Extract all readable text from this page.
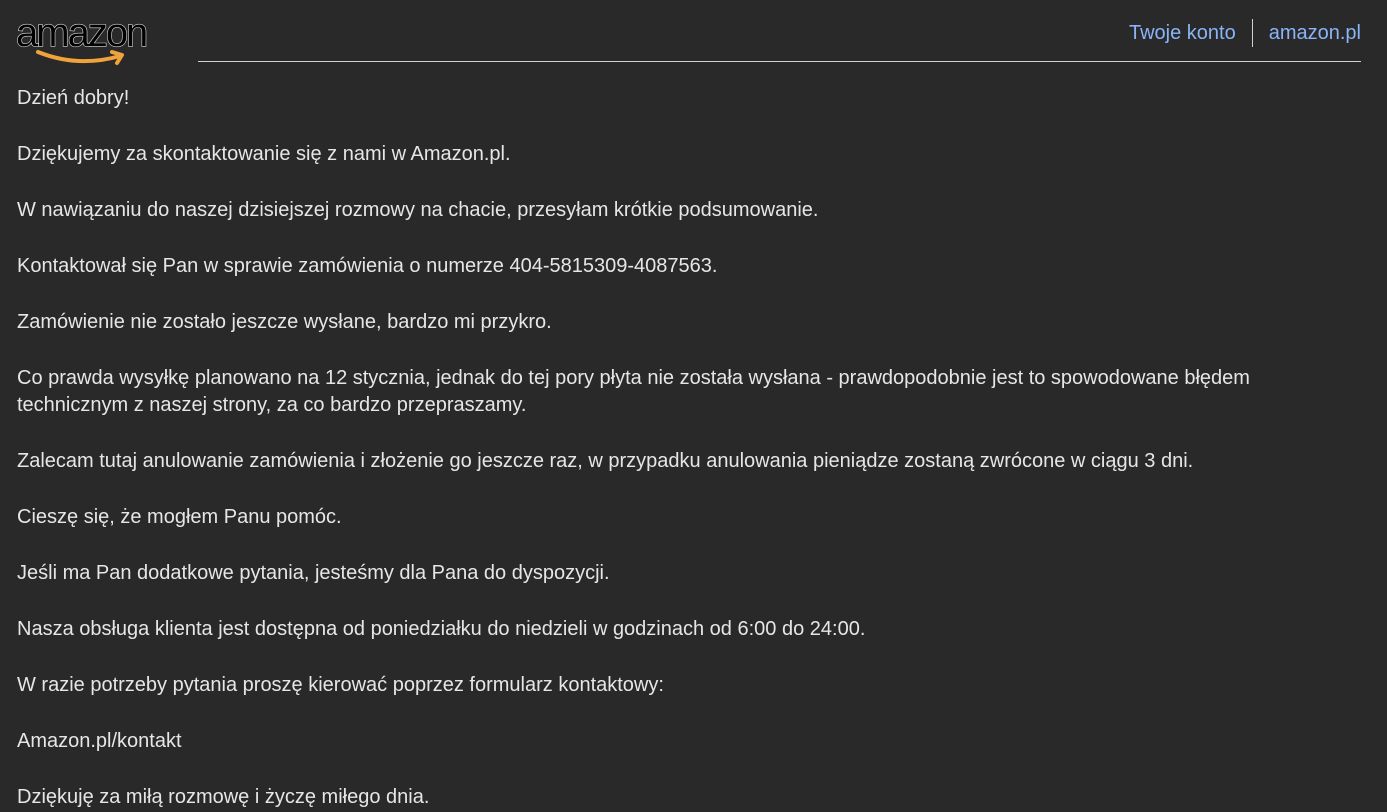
amazon	Twoje konto amazon.pl

Dzień dobry!

Dziękujemy za skontaktowanie się z nami w Amazon.pl.

W nawiązaniu do naszej dzisiejszej rozmowy na chacie, przesyłam krótkie podsumowanie.

Kontaktował się Pan w sprawie zamówienia o numerze 404-5815309-4087563.

Zamówienie nie zostało jeszcze wysłane, bardzo mi przykro.

Co prawda wysyłkę planowano na 12 stycznia, jednak do tej pory płyta nie została wysłana - prawdopodobnie jest to spowodowane błędem technicznym z naszej strony, za co bardzo przepraszamy.

Zalecam tutaj anulowanie zamówienia i złożenie go jeszcze raz, w przypadku anulowania pieniądze zostaną zwrócone w ciągu 3 dni.

Cieszę się, że mogłem Panu pomóc.

Jeśli ma Pan dodatkowe pytania, jesteśmy dla Pana do dyspozycji.

Nasza obsługa klienta jest dostępna od poniedziałku do niedzieli w godzinach od 6:00 do 24:00.

W razie potrzeby pytania proszę kierować poprzez formularz kontaktowy:

Amazon.pl/kontakt

Dziękuję za miłą rozmowę i życzę miłego dnia.
